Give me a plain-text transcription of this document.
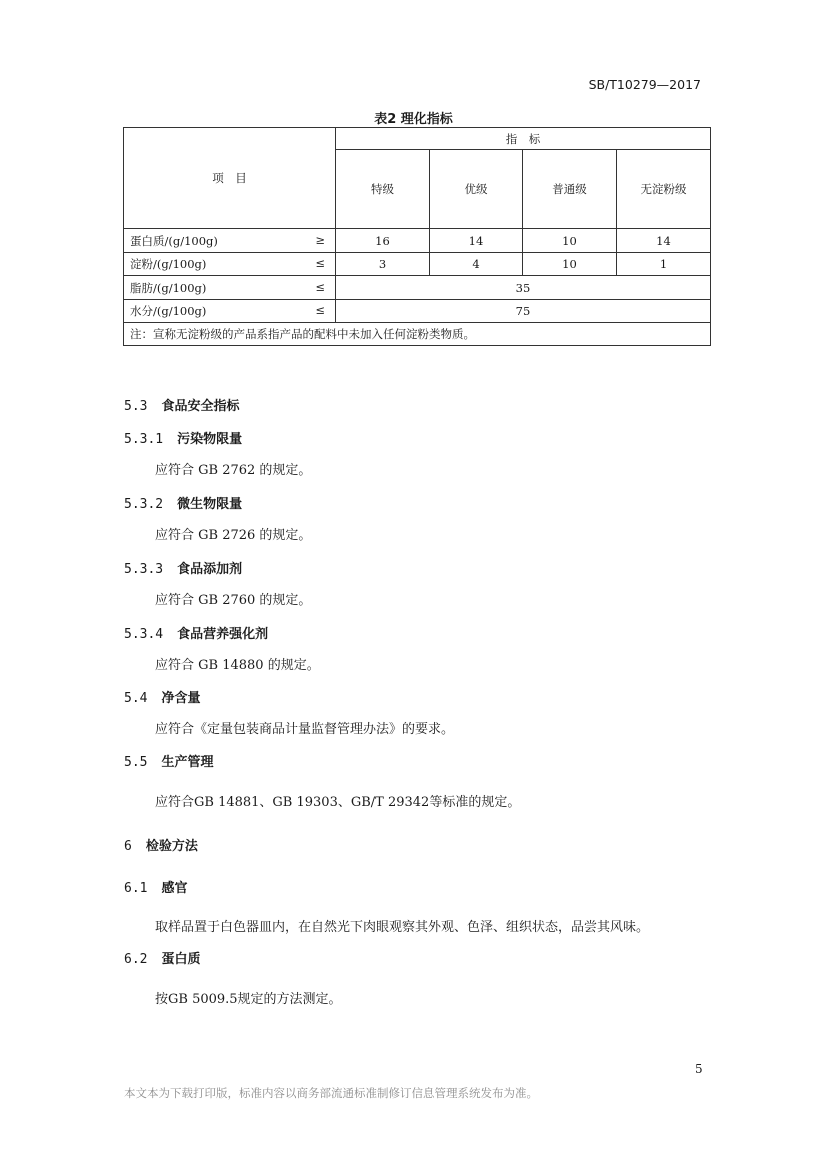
SB/T10279—2017
表2 理化指标
项　目	指　标			
	特级	优级	普通级	无淀粉级
蛋白质/(g/100g) ≥	16	14	10	14
淀粉/(g/100g) ≤	3	4	10	1
脂肪/(g/100g) ≤	35			
水分/(g/100g) ≤	75			
注：宣称无淀粉级的产品系指产品的配料中未加入任何淀粉类物质。				
5.3 食品安全指标
5.3.1 污染物限量
应符合 GB 2762 的规定。
5.3.2 微生物限量
应符合 GB 2726 的规定。
5.3.3 食品添加剂
应符合 GB 2760 的规定。
5.3.4 食品营养强化剂
应符合 GB 14880 的规定。
5.4 净含量
应符合《定量包装商品计量监督管理办法》的要求。
5.5 生产管理
应符合GB 14881、GB 19303、GB/T 29342等标准的规定。
6 检验方法
6.1 感官
取样品置于白色器皿内，在自然光下肉眼观察其外观、色泽、组织状态，品尝其风味。
6.2 蛋白质
按GB 5009.5规定的方法测定。
5
本文本为下载打印版，标准内容以商务部流通标准制修订信息管理系统发布为准。
